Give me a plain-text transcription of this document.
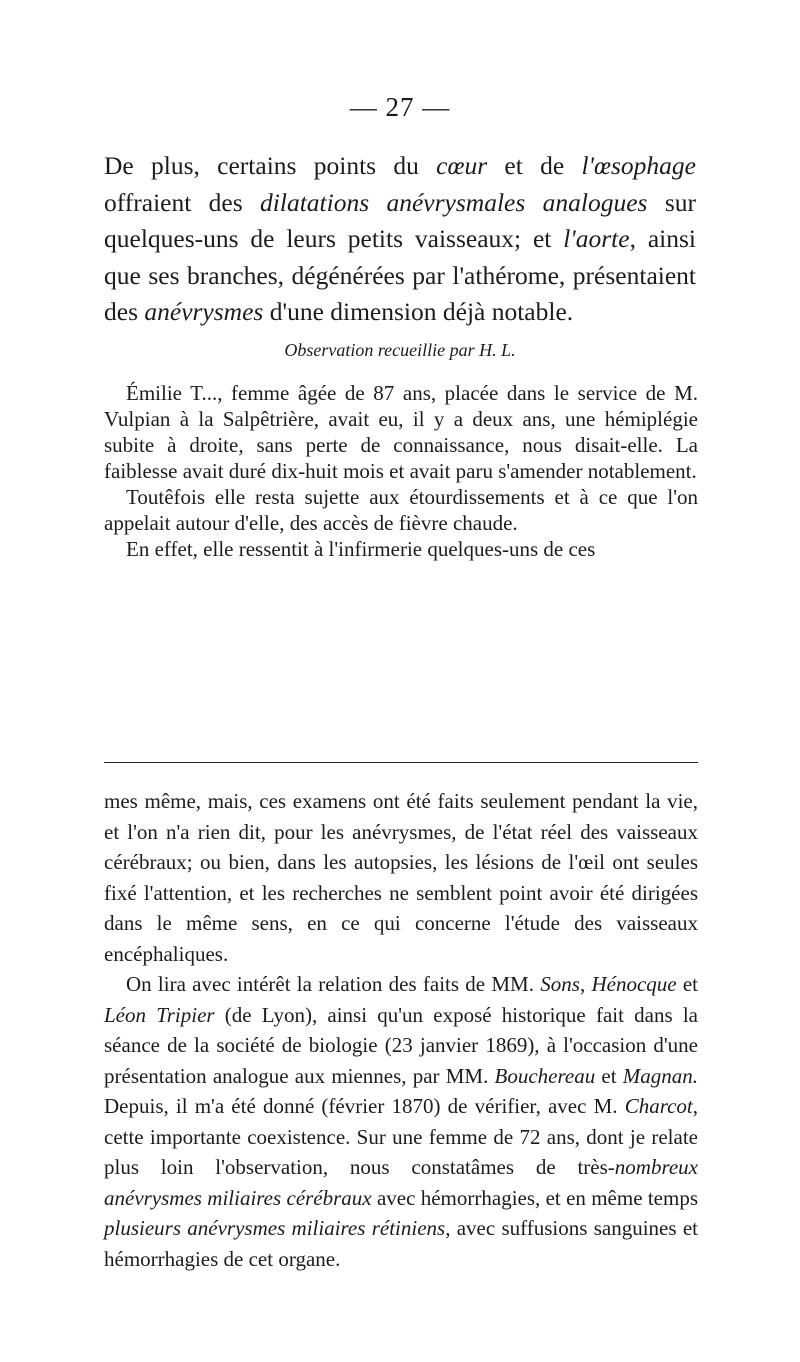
— 27 —

De plus, certains points du cœur et de l'œsophage offraient des dilatations anévrysmales analogues sur quelques-uns de leurs petits vaisseaux; et l'aorte, ainsi que ses branches, dégénérées par l'athérome, présentaient des anévrysmes d'une dimension déjà notable.

Observation recueillie par H. L.

Émilie T..., femme âgée de 87 ans, placée dans le service de M. Vulpian à la Salpêtrière, avait eu, il y a deux ans, une hémiplégie subite à droite, sans perte de connaissance, nous disait-elle. La faiblesse avait duré dix-huit mois et avait paru s'amender notablement.

Toutêfois elle resta sujette aux étourdissements et à ce que l'on appelait autour d'elle, des accès de fièvre chaude.

En effet, elle ressentit à l'infirmerie quelques-uns de ces

mes même, mais, ces examens ont été faits seulement pendant la vie, et l'on n'a rien dit, pour les anévrysmes, de l'état réel des vaisseaux cérébraux; ou bien, dans les autopsies, les lésions de l'œil ont seules fixé l'attention, et les recherches ne semblent point avoir été dirigées dans le même sens, en ce qui concerne l'étude des vaisseaux encéphaliques.

On lira avec intérêt la relation des faits de MM. Sons, Hénocque et Léon Tripier (de Lyon), ainsi qu'un exposé historique fait dans la séance de la société de biologie (23 janvier 1869), à l'occasion d'une présentation analogue aux miennes, par MM. Bouchereau et Magnan. Depuis, il m'a été donné (février 1870) de vérifier, avec M. Charcot, cette importante coexistence. Sur une femme de 72 ans, dont je relate plus loin l'observation, nous constatâmes de très-nombreux anévrysmes miliaires cérébraux avec hémorrhagies, et en même temps plusieurs anévrysmes miliaires rétiniens, avec suffusions sanguines et hémorrhagies de cet organe.
